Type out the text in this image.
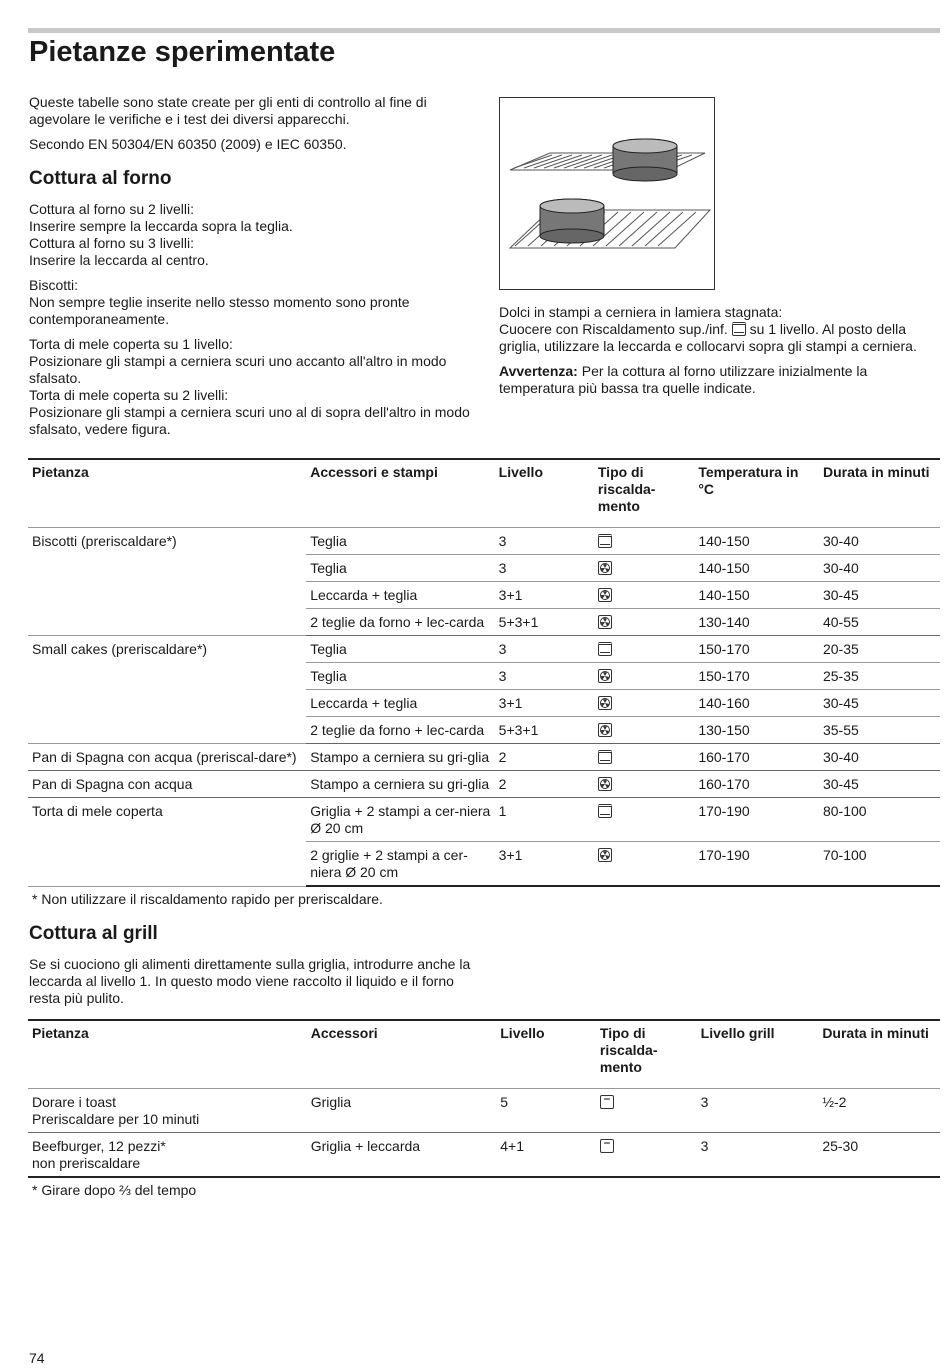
Pietanze sperimentate

Queste tabelle sono state create per gli enti di controllo al fine di agevolare le verifiche e i test dei diversi apparecchi.

Secondo EN 50304/EN 60350 (2009) e IEC 60350.

Cottura al forno

Cottura al forno su 2 livelli:
Inserire sempre la leccarda sopra la teglia.
Cottura al forno su 3 livelli:
Inserire la leccarda al centro.

Biscotti:
Non sempre teglie inserite nello stesso momento sono pronte contemporaneamente.

Torta di mele coperta su 1 livello:
Posizionare gli stampi a cerniera scuri uno accanto all'altro in modo sfalsato.
Torta di mele coperta su 2 livelli:
Posizionare gli stampi a cerniera scuri uno al di sopra dell'altro in modo sfalsato, vedere figura.

Dolci in stampi a cerniera in lamiera stagnata:

Cuocere con Riscaldamento sup./inf. su 1 livello. Al posto della griglia, utilizzare la leccarda e collocarvi sopra gli stampi a cerniera.

Avvertenza: Per la cottura al forno utilizzare inizialmente la temperatura più bassa tra quelle indicate.

Pietanza	Accessori e stampi	Livello	Tipo di riscalda-mento	Temperatura in °C	Durata in minuti
Biscotti (preriscaldare*)	Teglia	3		140-150	30-40
	Teglia	3		140-150	30-40
	Leccarda + teglia	3+1		140-150	30-45
	2 teglie da forno + lec-carda	5+3+1		130-140	40-55
Small cakes (preriscaldare*)	Teglia	3		150-170	20-35
	Teglia	3		150-170	25-35
	Leccarda + teglia	3+1		140-160	30-45
	2 teglie da forno + lec-carda	5+3+1		130-150	35-55
Pan di Spagna con acqua (preriscal-dare*)	Stampo a cerniera su gri-glia	2		160-170	30-40
Pan di Spagna con acqua	Stampo a cerniera su gri-glia	2		160-170	30-45
Torta di mele coperta	Griglia + 2 stampi a cer-niera Ø 20 cm	1		170-190	80-100
	2 griglie + 2 stampi a cer-niera Ø 20 cm	3+1		170-190	70-100
* Non utilizzare il riscaldamento rapido per preriscaldare.
Cottura al grill

Se si cuociono gli alimenti direttamente sulla griglia, introdurre anche la leccarda al livello 1. In questo modo viene raccolto il liquido e il forno resta più pulito.

Pietanza	Accessori	Livello	Tipo di riscalda-mento	Livello grill	Durata in minuti
Dorare i toast
Preriscaldare per 10 minuti	Griglia	5		3	½-2
Beefburger, 12 pezzi*
non preriscaldare	Griglia + leccarda	4+1		3	25-30
* Girare dopo ⅔ del tempo
74
